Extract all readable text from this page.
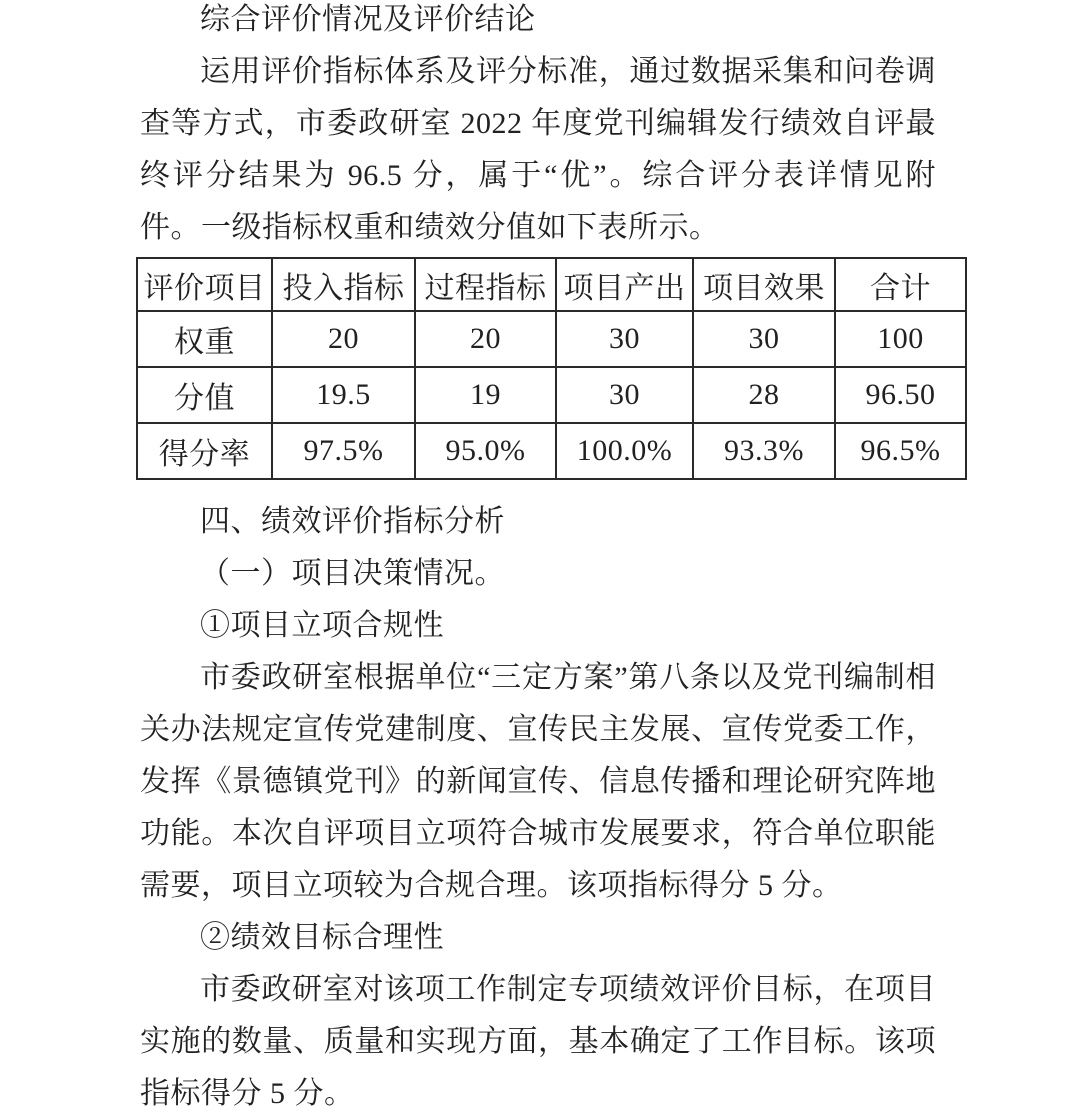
综合评价情况及评价结论

运用评价指标体系及评分标准，通过数据采集和问卷调查等方式，市委政研室 2022 年度党刊编辑发行绩效自评最终评分结果为 96.5 分，属于“优”。综合评分表详情见附件。一级指标权重和绩效分值如下表所示。

评价项目	投入指标	过程指标	项目产出	项目效果	合计
权重	20	20	30	30	100
分值	19.5	19	30	28	96.50
得分率	97.5%	95.0%	100.0%	93.3%	96.5%

四、绩效评价指标分析

（一）项目决策情况。

①项目立项合规性

市委政研室根据单位“三定方案”第八条以及党刊编制相关办法规定宣传党建制度、宣传民主发展、宣传党委工作，发挥《景德镇党刊》的新闻宣传、信息传播和理论研究阵地功能。本次自评项目立项符合城市发展要求，符合单位职能需要，项目立项较为合规合理。该项指标得分 5 分。

②绩效目标合理性

市委政研室对该项工作制定专项绩效评价目标，在项目实施的数量、质量和实现方面，基本确定了工作目标。该项指标得分 5 分。
